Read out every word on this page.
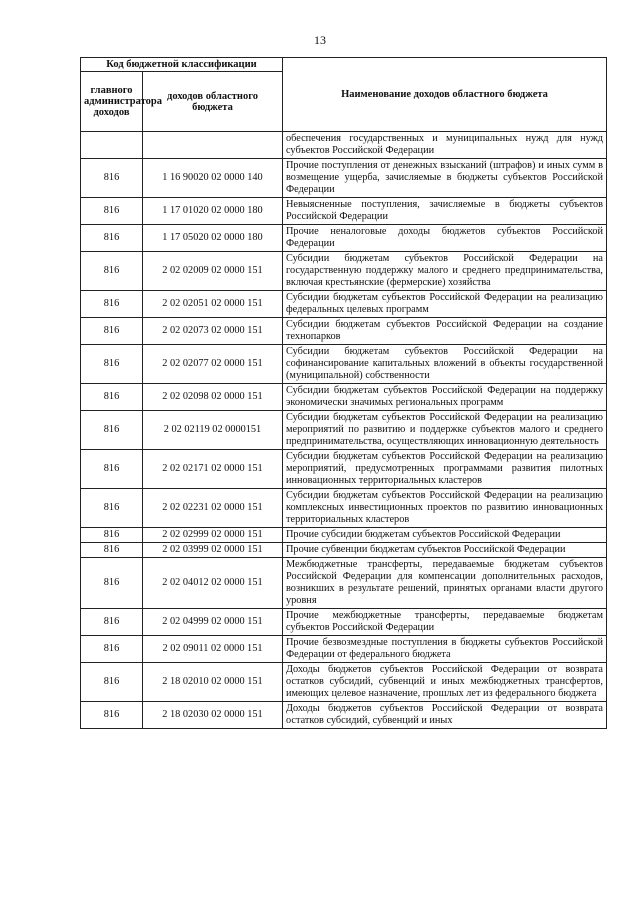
13
Код бюджетной классификации		Наименование доходов областного бюджета
главного администратора доходов	доходов областного бюджета	
		обеспечения государственных и муниципальных нужд для нужд субъектов Российской Федерации
816	1 16 90020 02 0000 140	Прочие поступления от денежных взысканий (штрафов) и иных сумм в возмещение ущерба, зачисляемые в бюджеты субъектов Российской Федерации
816	1 17 01020 02 0000 180	Невыясненные поступления, зачисляемые в бюджеты субъектов Российской Федерации
816	1 17 05020 02 0000 180	Прочие неналоговые доходы бюджетов субъектов Российской Федерации
816	2 02 02009 02 0000 151	Субсидии бюджетам субъектов Российской Федерации на государственную поддержку малого и среднего предпринимательства, включая крестьянские (фермерские) хозяйства
816	2 02 02051 02 0000 151	Субсидии бюджетам субъектов Российской Федерации на реализацию федеральных целевых программ
816	2 02 02073 02 0000 151	Субсидии бюджетам субъектов Российской Федерации на создание технопарков
816	2 02 02077 02 0000 151	Субсидии бюджетам субъектов Российской Федерации на софинансирование капитальных вложений в объекты государственной (муниципальной) собственности
816	2 02 02098 02 0000 151	Субсидии бюджетам субъектов Российской Федерации на поддержку экономически значимых региональных программ
816	2 02 02119 02 0000151	Субсидии бюджетам субъектов Российской Федерации на реализацию мероприятий по развитию и поддержке субъектов малого и среднего предпринимательства, осуществляющих инновационную деятельность
816	2 02 02171 02 0000 151	Субсидии бюджетам субъектов Российской Федерации на реализацию мероприятий, предусмотренных программами развития пилотных инновационных территориальных кластеров
816	2 02 02231 02 0000 151	Субсидии бюджетам субъектов Российской Федерации на реализацию комплексных инвестиционных проектов по развитию инновационных территориальных кластеров
816	2 02 02999 02 0000 151	Прочие субсидии бюджетам субъектов Российской Федерации
816	2 02 03999 02 0000 151	Прочие субвенции бюджетам субъектов Российской Федерации
816	2 02 04012 02 0000 151	Межбюджетные трансферты, передаваемые бюджетам субъектов Российской Федерации для компенсации дополнительных расходов, возникших в результате решений, принятых органами власти другого уровня
816	2 02 04999 02 0000 151	Прочие межбюджетные трансферты, передаваемые бюджетам субъектов Российской Федерации
816	2 02 09011 02 0000 151	Прочие безвозмездные поступления в бюджеты субъектов Российской Федерации от федерального бюджета
816	2 18 02010 02 0000 151	Доходы бюджетов субъектов Российской Федерации от возврата остатков субсидий, субвенций и иных межбюджетных трансфертов, имеющих целевое назначение, прошлых лет из федерального бюджета
816	2 18 02030 02 0000 151	Доходы бюджетов субъектов Российской Федерации от возврата остатков субсидий, субвенций и иных
